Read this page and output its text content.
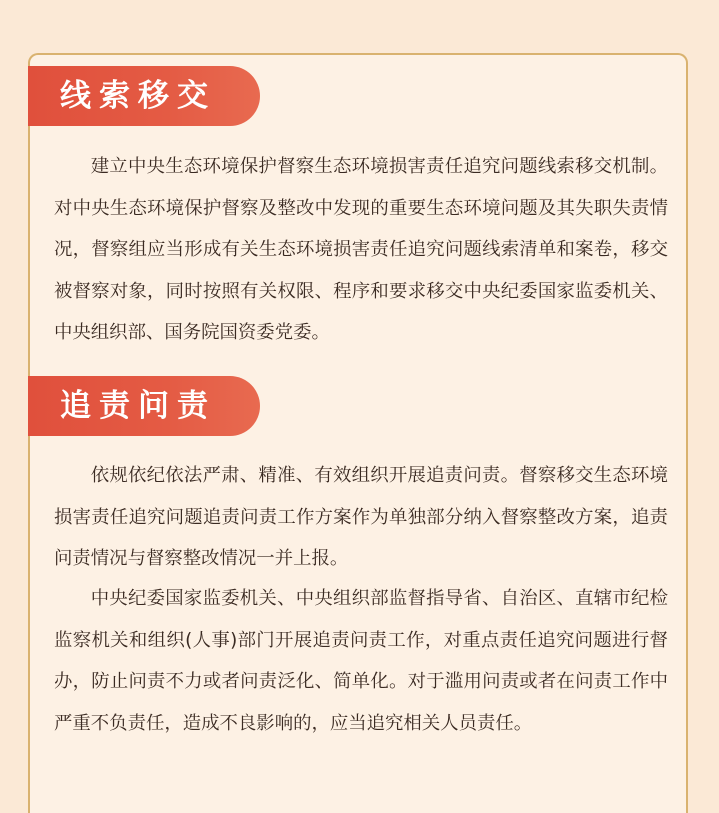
线索移交

建立中央生态环境保护督察生态环境损害责任追究问题线索移交机制。对中央生态环境保护督察及整改中发现的重要生态环境问题及其失职失责情况，督察组应当形成有关生态环境损害责任追究问题线索清单和案卷，移交被督察对象，同时按照有关权限、程序和要求移交中央纪委国家监委机关、中央组织部、国务院国资委党委。

追责问责

依规依纪依法严肃、精准、有效组织开展追责问责。督察移交生态环境损害责任追究问题追责问责工作方案作为单独部分纳入督察整改方案，追责问责情况与督察整改情况一并上报。

中央纪委国家监委机关、中央组织部监督指导省、自治区、直辖市纪检监察机关和组织(人事)部门开展追责问责工作，对重点责任追究问题进行督办，防止问责不力或者问责泛化、简单化。对于滥用问责或者在问责工作中严重不负责任，造成不良影响的，应当追究相关人员责任。
